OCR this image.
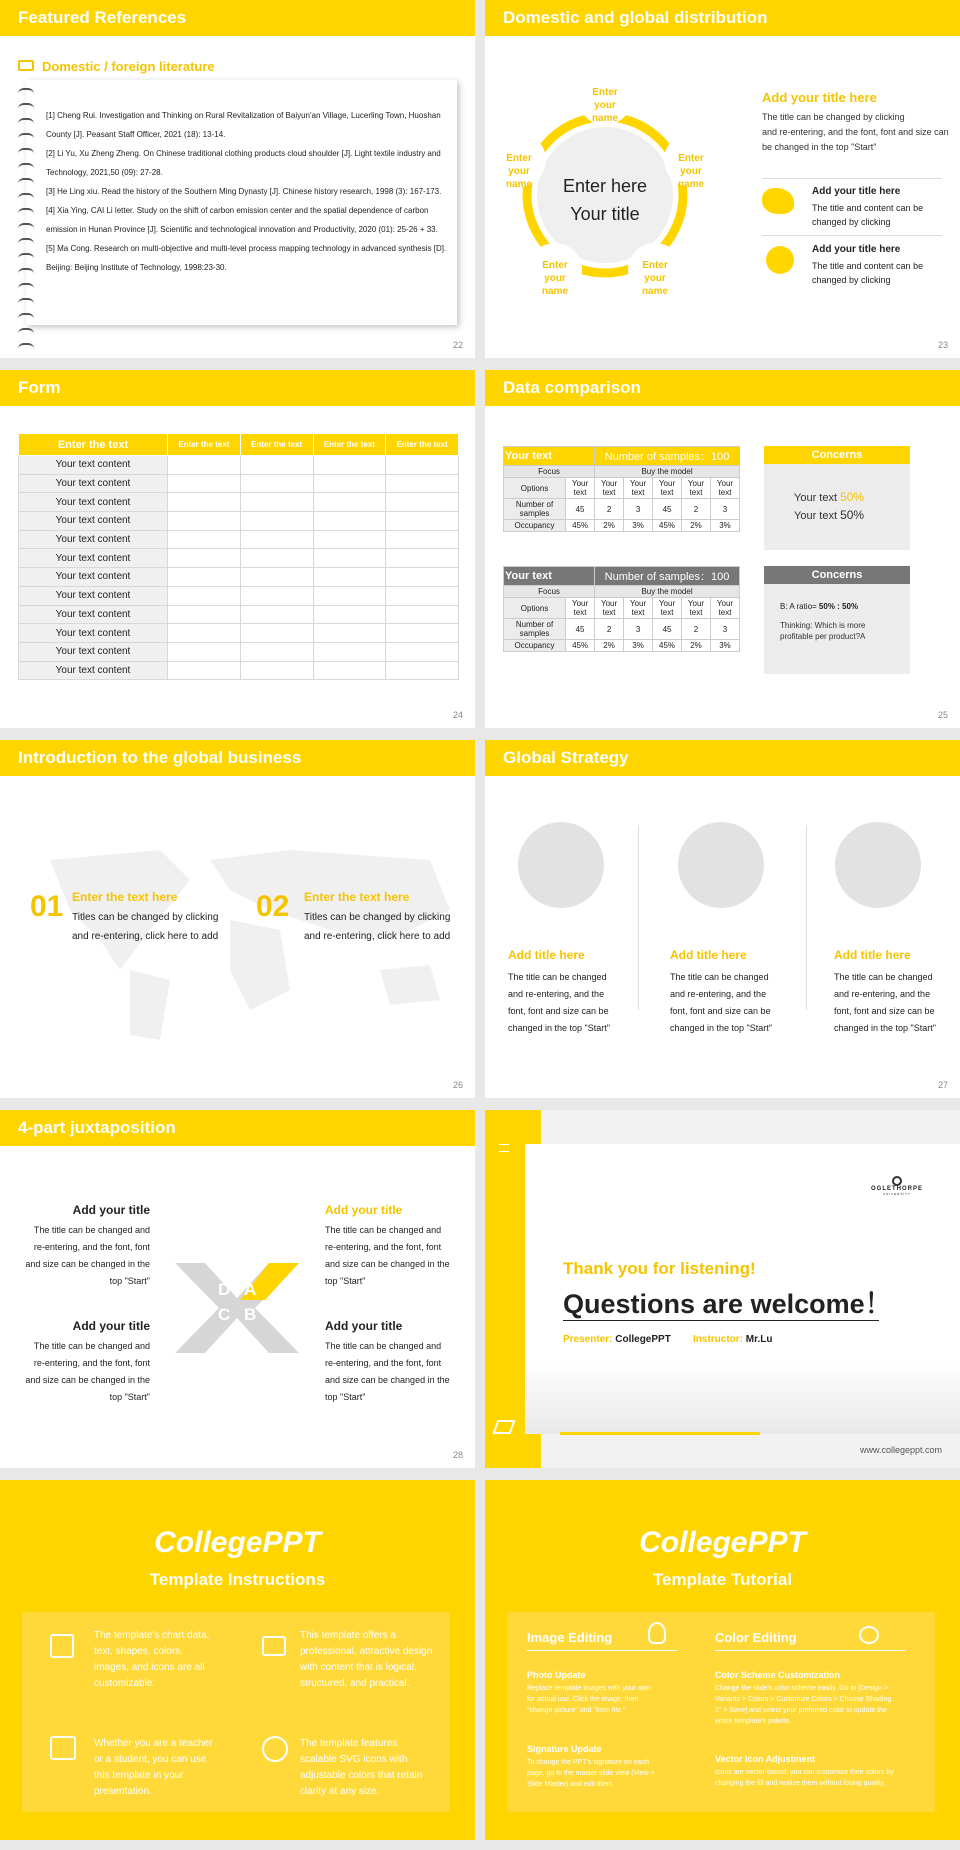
Featured References
Domestic / foreign literature
[1] Cheng Rui. Investigation and Thinking on Rural Revitalization of Baiyun'an Village, Lucerling Town, Huoshan
County [J]. Peasant Staff Officer, 2021 (18): 13-14.
[2] Li Yu, Xu Zheng Zheng. On Chinese traditional clothing products cloud shoulder [J]. Light textile industry and
Technology, 2021,50 (09): 27-28.
[3] He Ling xiu. Read the history of the Southern Ming Dynasty [J]. Chinese history research, 1998 (3): 167-173.
[4] Xia Ying, CAI Li letter. Study on the shift of carbon emission center and the spatial dependence of carbon
emission in Hunan Province [J]. Scientific and technological innovation and Productivity, 2020 (01): 25-26 + 33.
[5] Ma Cong. Research on multi-objective and multi-level process mapping technology in advanced synthesis [D].
Beijing: Beijing Institute of Technology, 1998:23-30.
22
Domestic and global distribution
Enter here
Your title
Enter
your
name
Enter
your
name
Enter
your
name
Enter
your
name
Enter
your
name
Add your title here
The title can be changed by clicking
and re-entering, and the font, font and size can
be changed in the top "Start"
Add your title here
The title and content can be
changed by clicking
Add your title here
The title and content can be
changed by clicking
23
Form
Enter the text	Enter the text	Enter the text	Enter the text	Enter the text
Your text content				
Your text content				
Your text content				
Your text content				
Your text content				
Your text content				
Your text content				
Your text content				
Your text content				
Your text content				
Your text content				
Your text content				
24
Data comparison
Your text		Number of samples：100				
Focus		Buy the model				
Options	Your text	Your text	Your text	Your text	Your text	Your text
Number of samples	45	2	3	45	2	3
Occupancy	45%	2%	3%	45%	2%	3%
Your text		Number of samples：100				
Focus		Buy the model				
Options	Your text	Your text	Your text	Your text	Your text	Your text
Number of samples	45	2	3	45	2	3
Occupancy	45%	2%	3%	45%	2%	3%
Concerns
Your text 50%
Your text 50%
Concerns
B: A ratio= 50% : 50%
Thinking: Which is more profitable per product?A
25
Introduction to the global business
01 Enter the text here
Titles can be changed by clicking
and re-entering, click here to add
02 Enter the text here
Titles can be changed by clicking
and re-entering, click here to add
26
Global Strategy
Add title here
The title can be changed
and re-entering, and the
font, font and size can be
changed in the top "Start"
Add title here
The title can be changed
and re-entering, and the
font, font and size can be
changed in the top "Start"
Add title here
The title can be changed
and re-entering, and the
font, font and size can be
changed in the top "Start"
27
4-part juxtaposition
Add your title
The title can be changed and
re-entering, and the font, font
and size can be changed in the
top "Start"
Add your title
The title can be changed and
re-entering, and the font, font
and size can be changed in the
top "Start"
Add your title
The title can be changed and
re-entering, and the font, font
and size can be changed in the
top "Start"
Add your title
The title can be changed and
re-entering, and the font, font
and size can be changed in the
top "Start"
D A
C B
28
OGLETHORPE
UNIVERSITY
Thank you for listening!
Questions are welcome！
Presenter: CollegePPT Instructor: Mr.Lu
www.collegeppt.com
CollegePPT
Template Instructions
The template's chart data,
text, shapes, colors,
images, and icons are all
customizable.
This template offers a
professional, attractive design
with content that is logical,
structured, and practical.
Whether you are a teacher
or a student, you can use
this template in your
presentation.
The template features
scalable SVG icons with
adjustable colors that retain
clarity at any size.
CollegePPT
Template Tutorial
Image Editing
Photo Update
Replace template images with your own
for actual use. Click the image, then
"change picture" and "from file."
Signature Update
To change the PPT's signature on each
page, go to the master slide view (View >
Slide Master) and edit them.
Color Editing
Color Scheme Customization
Change the slide's color scheme easily. Go to [Design >
Variants > Colors > Customize Colors > Choose Shading
1" > Save] and select your preferred color to update the
entire template's palette.
Vector Icon Adjustment
Icons are vector-based; you can customize their colors by
changing the fill and realize them without losing quality.
